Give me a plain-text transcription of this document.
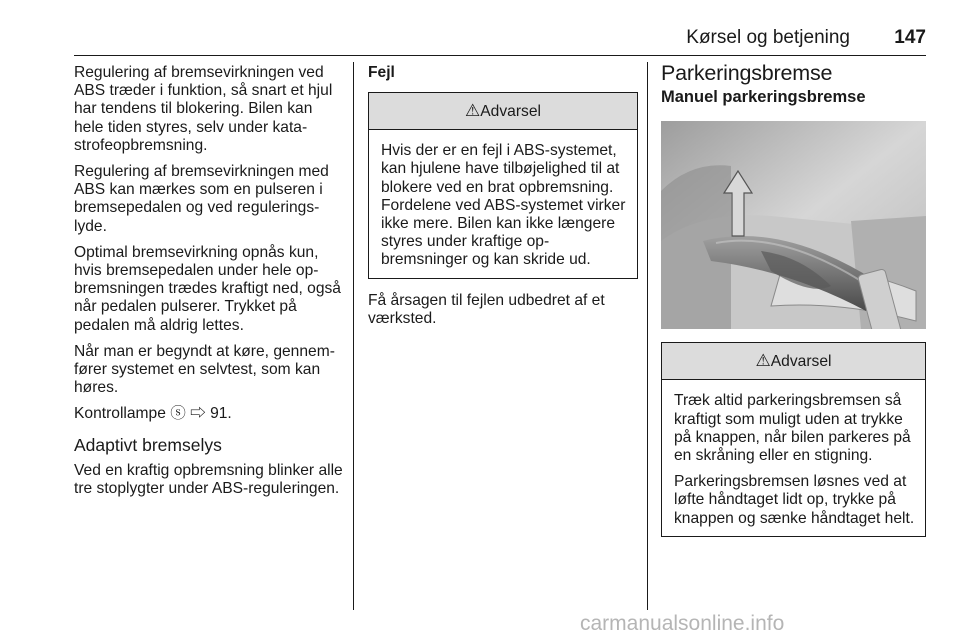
Kørsel og betjening 147

Regulering af bremsevirkningen ved ABS træder i funktion, så snart et hjul har tendens til blokering. Bilen kan hele tiden styres, selv under katastrofeopbremsning.

Regulering af bremsevirkningen med ABS kan mærkes som en pulseren i bremsepedalen og ved reguleringslyde.

Optimal bremsevirkning opnås kun, hvis bremsepedalen under hele opbremsningen trædes kraftigt ned, også når pedalen pulserer. Trykket på pedalen må aldrig lettes.

Når man er begyndt at køre, gennemfører systemet en selvtest, som kan høres.

Kontrollampe ⓢ ⇨ 91.

Adaptivt bremselys

Ved en kraftig opbremsning blinker alle tre stoplygter under ABS-reguleringen.

Fejl
⚠Advarsel

Hvis der er en fejl i ABS-systemet, kan hjulene have tilbøjelighed til at blokere ved en brat opbremsning. Fordelene ved ABS-systemet virker ikke mere. Bilen kan ikke længere styres under kraftige opbremsninger og kan skride ud.

Få årsagen til fejlen udbedret af et værksted.

Parkeringsbremse
Manuel parkeringsbremse
⚠Advarsel

Træk altid parkeringsbremsen så kraftigt som muligt uden at trykke på knappen, når bilen parkeres på en skråning eller en stigning.

Parkeringsbremsen løsnes ved at løfte håndtaget lidt op, trykke på knappen og sænke håndtaget helt.

carmanualsonline.info
